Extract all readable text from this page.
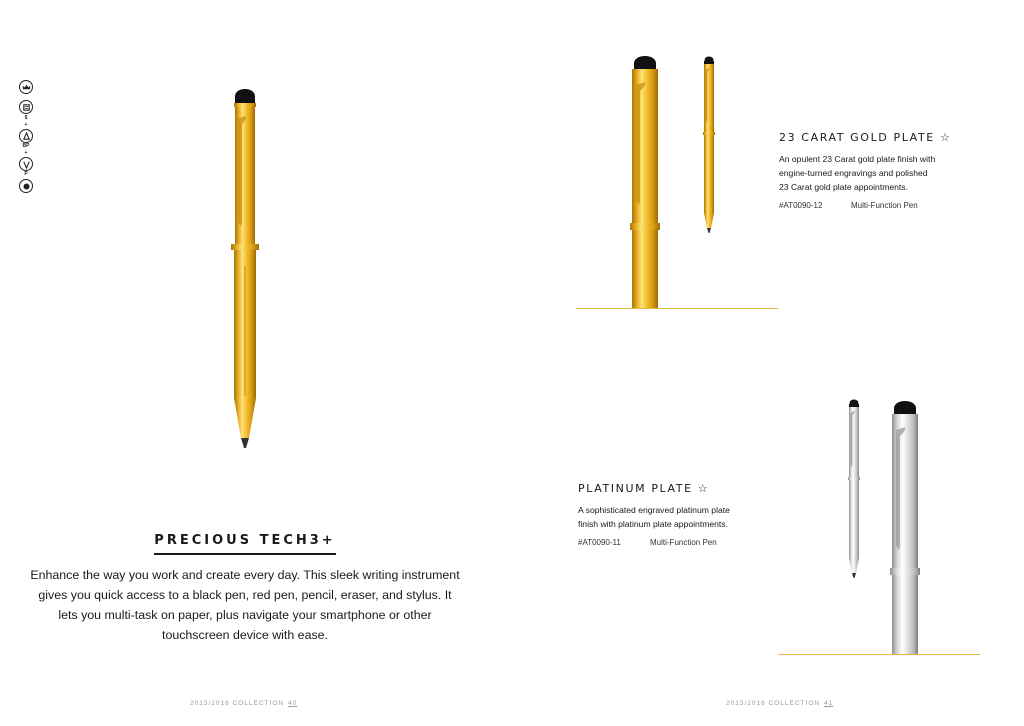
$
+
BP
+
P
PRECIOUS TECH3+
Enhance the way you work and create every day. This sleek writing instrument gives you quick access to a black pen, red pen, pencil, eraser, and stylus. It lets you multi-task on paper, plus navigate your smartphone or other touchscreen device with ease.
2015/2016 COLLECTION 40
23 CARAT GOLD PLATE ☆
An opulent 23 Carat gold plate finish with
engine-turned engravings and polished
23 Carat gold plate appointments.
#AT0090-12	Multi-Function Pen
PLATINUM PLATE ☆
A sophisticated engraved platinum plate
finish with platinum plate appointments.
#AT0090-11	Multi-Function Pen
2015/2016 COLLECTION 41
